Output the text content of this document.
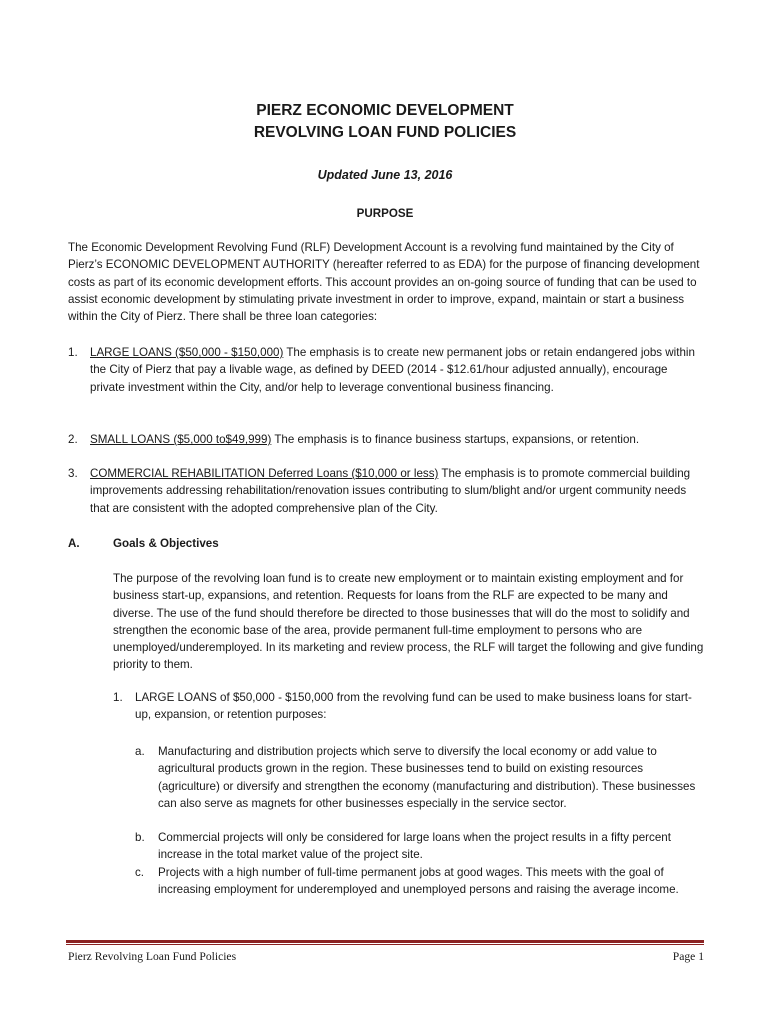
PIERZ ECONOMIC DEVELOPMENT
REVOLVING LOAN FUND POLICIES
Updated June 13, 2016
PURPOSE
The Economic Development Revolving Fund (RLF) Development Account is a revolving fund maintained by the City of Pierz’s ECONOMIC DEVELOPMENT AUTHORITY (hereafter referred to as EDA) for the purpose of financing development costs as part of its economic development efforts. This account provides an on-going source of funding that can be used to assist economic development by stimulating private investment in order to improve, expand, maintain or start a business within the City of Pierz. There shall be three loan categories:
1. LARGE LOANS ($50,000 - $150,000) The emphasis is to create new permanent jobs or retain endangered jobs within the City of Pierz that pay a livable wage, as defined by DEED (2014 - $12.61/hour adjusted annually), encourage private investment within the City, and/or help to leverage conventional business financing.
2. SMALL LOANS ($5,000 to$49,999) The emphasis is to finance business startups, expansions, or retention.
3. COMMERCIAL REHABILITATION Deferred Loans ($10,000 or less) The emphasis is to promote commercial building improvements addressing rehabilitation/renovation issues contributing to slum/blight and/or urgent community needs that are consistent with the adopted comprehensive plan of the City.
A.	Goals & Objectives
The purpose of the revolving loan fund is to create new employment or to maintain existing employment and for business start-up, expansions, and retention. Requests for loans from the RLF are expected to be many and diverse. The use of the fund should therefore be directed to those businesses that will do the most to solidify and strengthen the economic base of the area, provide permanent full-time employment to persons who are unemployed/underemployed. In its marketing and review process, the RLF will target the following and give funding priority to them.
1. LARGE LOANS of $50,000 - $150,000 from the revolving fund can be used to make business loans for start-up, expansion, or retention purposes:
a. Manufacturing and distribution projects which serve to diversify the local economy or add value to agricultural products grown in the region. These businesses tend to build on existing resources (agriculture) or diversify and strengthen the economy (manufacturing and distribution). These businesses can also serve as magnets for other businesses especially in the service sector.
b. Commercial projects will only be considered for large loans when the project results in a fifty percent increase in the total market value of the project site.
c. Projects with a high number of full-time permanent jobs at good wages. This meets with the goal of increasing employment for underemployed and unemployed persons and raising the average income.
Pierz Revolving Loan Fund Policies	Page 1
